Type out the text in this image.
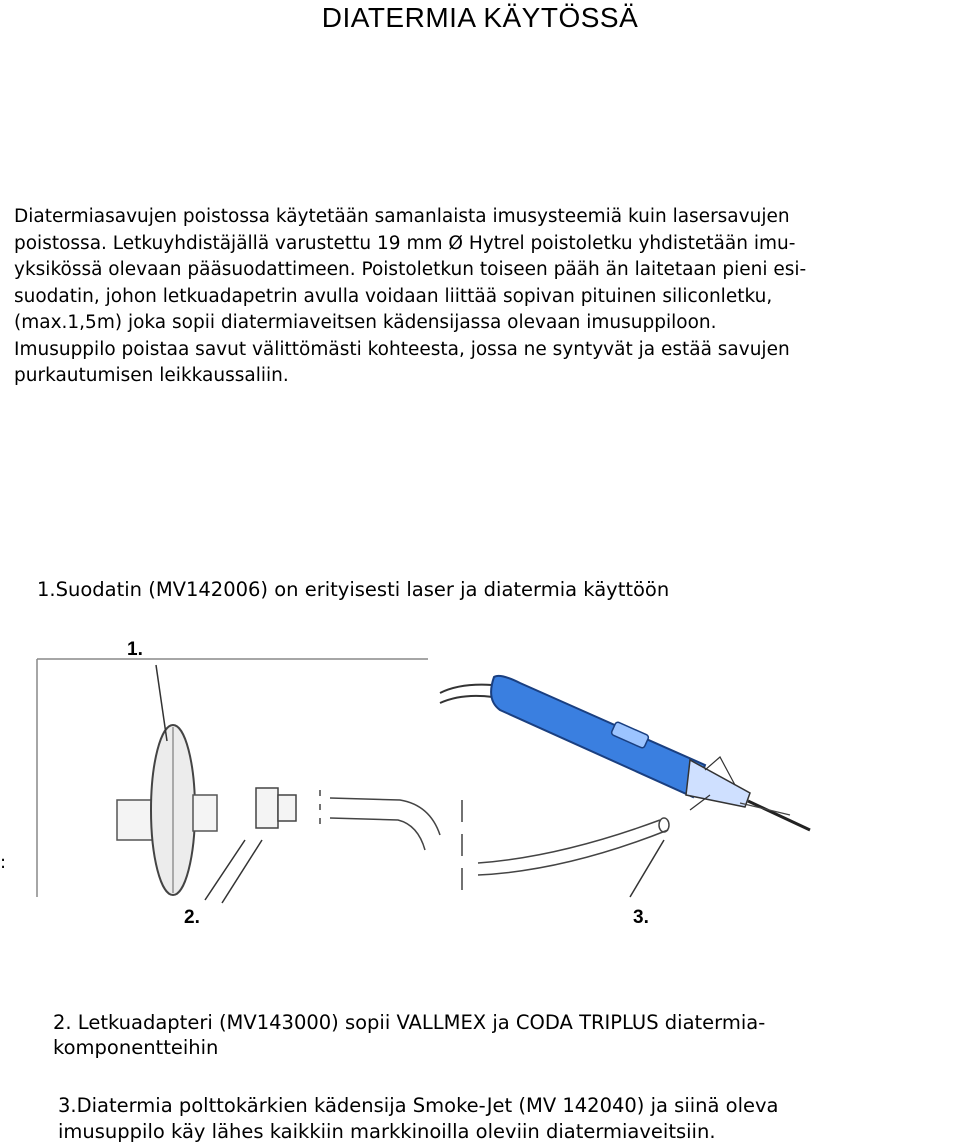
DIATERMIA KÄYTÖSSÄ
Diatermiasavujen poistossa käytetään samanlaista imusysteemiä kuin lasersavujen
poistossa. Letkuyhdistäjällä varustettu 19 mm Ø Hytrel poistoletku yhdistetään imu-
yksikössä olevaan pääsuodattimeen. Poistoletkun toiseen pääh än laitetaan pieni esi-
suodatin, johon letkuadapetrin avulla voidaan liittää sopivan pituinen siliconletku,
(max.1,5m) joka sopii diatermiaveitsen kädensijassa olevaan imusuppiloon.
Imusuppilo poistaa savut välittömästi kohteesta, jossa ne syntyvät ja estää savujen
purkautumisen leikkaussaliin.
1.Suodatin (MV142006) on erityisesti laser ja diatermia käyttöön
1.
2.	3.
:
2. Letkuadapteri (MV143000) sopii VALLMEX ja CODA TRIPLUS diatermia-
komponentteihin
3.Diatermia polttokärkien kädensija Smoke-Jet (MV 142040) ja siinä oleva
imusuppilo käy lähes kaikkiin markkinoilla oleviin diatermiaveitsiin.
